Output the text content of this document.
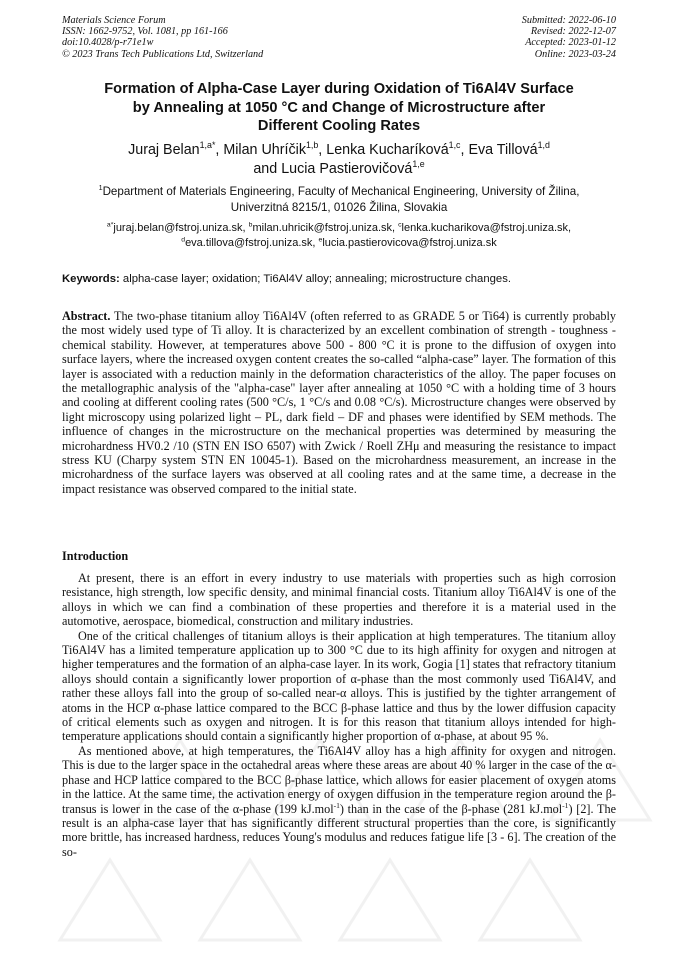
Materials Science Forum
ISSN: 1662-9752, Vol. 1081, pp 161-166
doi:10.4028/p-r71e1w
© 2023 Trans Tech Publications Ltd, Switzerland
Submitted: 2022-06-10
Revised: 2022-12-07
Accepted: 2023-01-12
Online: 2023-03-24
Formation of Alpha-Case Layer during Oxidation of Ti6Al4V Surface
by Annealing at 1050 °C and Change of Microstructure after
Different Cooling Rates
Juraj Belan$^{1,a*}$, Milan Uhríčik$^{1,b}$, Lenka Kucharíková$^{1,c}$, Eva Tillová$^{1,d}$
and Lucia Pastierovičová$^{1,e}$
$^1$Department of Materials Engineering, Faculty of Mechanical Engineering, University of Žilina,
Univerzitná 8215/1, 01026 Žilina, Slovakia
$^{a*}$juraj.belan@fstroj.uniza.sk, $^b$milan.uhricik@fstroj.uniza.sk, $^c$lenka.kucharikova@fstroj.uniza.sk,
$^d$eva.tillova@fstroj.uniza.sk, $^e$lucia.pastierovicova@fstroj.uniza.sk
Keywords: alpha-case layer; oxidation; Ti6Al4V alloy; annealing; microstructure changes.
Abstract. The two-phase titanium alloy Ti6Al4V (often referred to as GRADE 5 or Ti64) is currently probably the most widely used type of Ti alloy. It is characterized by an excellent combination of strength - toughness - chemical stability. However, at temperatures above 500 - 800 °C it is prone to the diffusion of oxygen into surface layers, where the increased oxygen content creates the so-called “alpha-case” layer. The formation of this layer is associated with a reduction mainly in the deformation characteristics of the alloy. The paper focuses on the metallographic analysis of the "alpha-case" layer after annealing at 1050 °C with a holding time of 3 hours and cooling at different cooling rates (500 °C/s, 1 °C/s and 0.08 °C/s). Microstructure changes were observed by light microscopy using polarized light – PL, dark field – DF and phases were identified by SEM methods. The influence of changes in the microstructure on the mechanical properties was determined by measuring the microhardness HV0.2 /10 (STN EN ISO 6507) with Zwick / Roell ZHμ and measuring the resistance to impact stress KU (Charpy system STN EN 10045-1). Based on the microhardness measurement, an increase in the microhardness of the surface layers was observed at all cooling rates and at the same time, a decrease in the impact resistance was observed compared to the initial state.
Introduction

At present, there is an effort in every industry to use materials with properties such as high corrosion resistance, high strength, low specific density, and minimal financial costs. Titanium alloy Ti6Al4V is one of the alloys in which we can find a combination of these properties and therefore it is a material used in the automotive, aerospace, biomedical, construction and military industries.

One of the critical challenges of titanium alloys is their application at high temperatures. The titanium alloy Ti6Al4V has a limited temperature application up to 300 °C due to its high affinity for oxygen and nitrogen at higher temperatures and the formation of an alpha-case layer. In its work, Gogia [1] states that refractory titanium alloys should contain a significantly lower proportion of α-phase than the most commonly used Ti6Al4V, and rather these alloys fall into the group of so-called near-α alloys. This is justified by the tighter arrangement of atoms in the HCP α-phase lattice compared to the BCC β-phase lattice and thus by the lower diffusion capacity of critical elements such as oxygen and nitrogen. It is for this reason that titanium alloys intended for high-temperature applications should contain a significantly higher proportion of α-phase, at about 95 %.

As mentioned above, at high temperatures, the Ti6Al4V alloy has a high affinity for oxygen and nitrogen. This is due to the larger space in the octahedral areas where these areas are about 40 % larger in the case of the α-phase and HCP lattice compared to the BCC β-phase lattice, which allows for easier placement of oxygen atoms in the lattice. At the same time, the activation energy of oxygen diffusion in the temperature region around the β-transus is lower in the case of the α-phase (199 kJ.mol$^{-1}$) than in the case of the β-phase (281 kJ.mol$^{-1}$) [2]. The result is an alpha-case layer that has significantly different structural properties than the core, is significantly more brittle, has increased hardness, reduces Young's modulus and reduces fatigue life [3 - 6]. The creation of the so-
